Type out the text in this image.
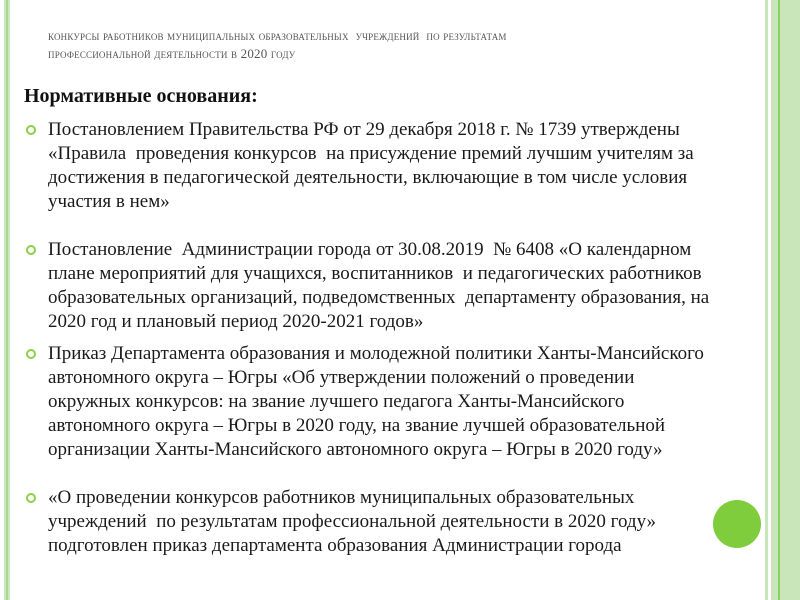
конкурсы работников муниципальных образовательных  учреждений  по результатам
профессиональной деятельности в 2020 году
Нормативные основания:
Постановлением Правительства РФ от 29 декабря 2018 г. № 1739 утверждены
«Правила  проведения конкурсов  на присуждение премий лучшим учителям за
достижения в педагогической деятельности, включающие в том числе условия
участия в нем»
Постановление  Администрации города от 30.08.2019  № 6408 «О календарном
плане мероприятий для учащихся, воспитанников  и педагогических работников
образовательных организаций, подведомственных  департаменту образования, на
2020 год и плановый период 2020-2021 годов»
Приказ Департамента образования и молодежной политики Ханты-Мансийского
автономного округа – Югры «Об утверждении положений о проведении
окружных конкурсов: на звание лучшего педагога Ханты-Мансийского
автономного округа – Югры в 2020 году, на звание лучшей образовательной
организации Ханты-Мансийского автономного округа – Югры в 2020 году»
«О проведении конкурсов работников муниципальных образовательных
учреждений  по результатам профессиональной деятельности в 2020 году»
подготовлен приказ департамента образования Администрации города
